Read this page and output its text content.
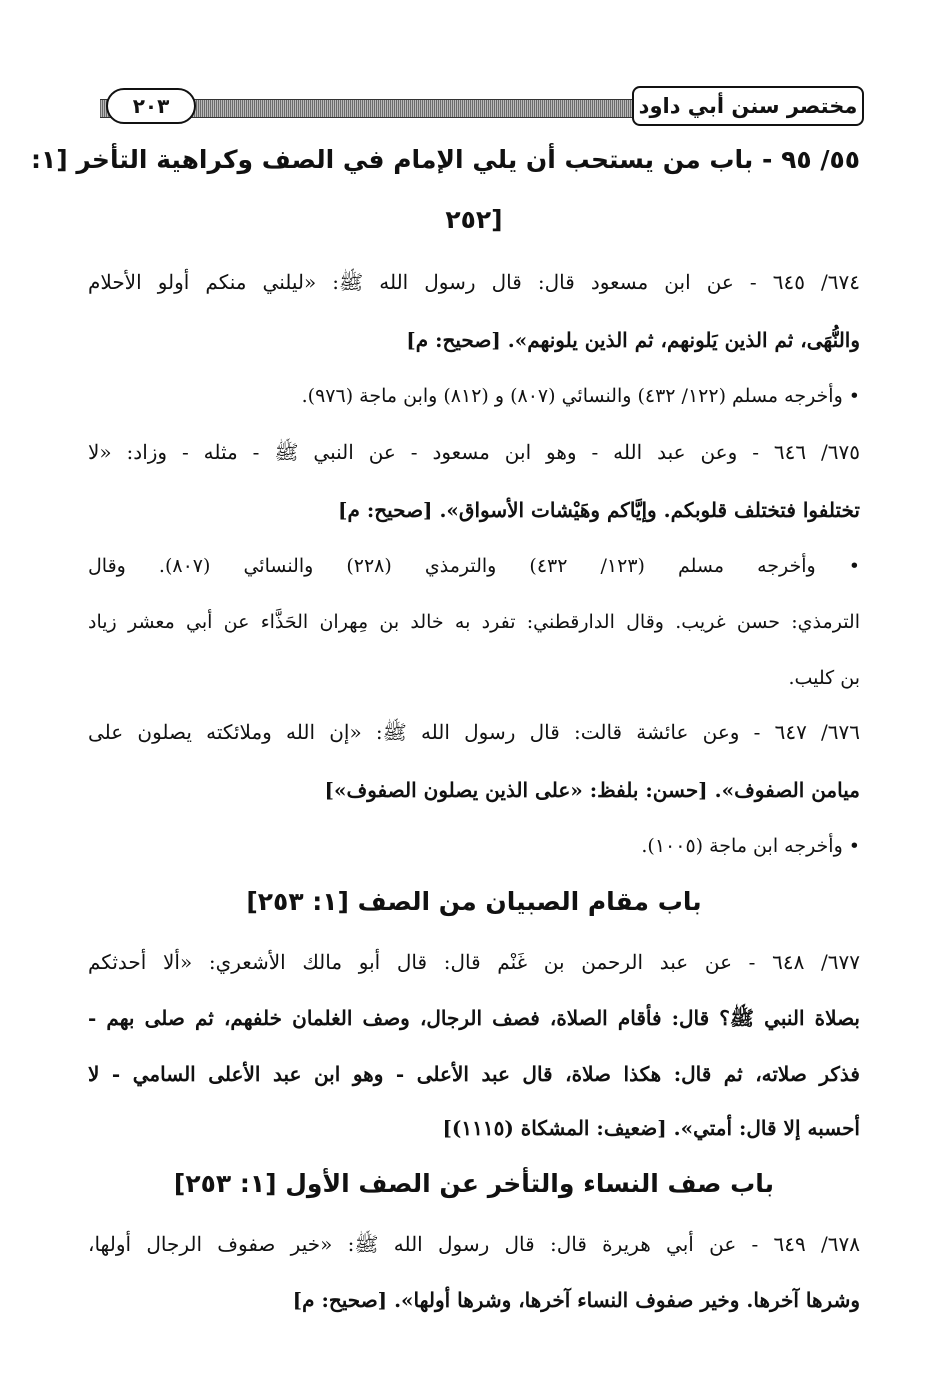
مختصر سنن أبي داود
٢٠٣
٥٥/ ٩٥ - باب من يستحب أن يلي الإمام في الصف وكراهية التأخر [١:
[٢٥٢
٦٧٤/ ٦٤٥ - عن ابن مسعود قال: قال رسول الله ﷺ: «ليلني منكم أولو الأحلام
والنُّهَى، ثم الذين يَلونهم، ثم الذين يلونهم». [صحيح: م]
• وأخرجه مسلم (١٢٢/ ٤٣٢) والنسائي (٨٠٧) و (٨١٢) وابن ماجة (٩٧٦).
٦٧٥/ ٦٤٦ - وعن عبد الله - وهو ابن مسعود - عن النبي ﷺ - مثله - وزاد: «لا
تختلفوا فتختلف قلوبكم. وإيَّاكم وهَيْشات الأسواق». [صحيح: م]
• وأخرجه مسلم (١٢٣/ ٤٣٢) والترمذي (٢٢٨) والنسائي (٨٠٧). وقال
الترمذي: حسن غريب. وقال الدارقطني: تفرد به خالد بن مِهران الحَذَّاء عن أبي معشر زياد
بن كليب.
٦٧٦/ ٦٤٧ - وعن عائشة قالت: قال رسول الله ﷺ: «إن الله وملائكته يصلون على
ميامن الصفوف». [حسن: بلفظ: «على الذين يصلون الصفوف»]
• وأخرجه ابن ماجة (١٠٠٥).
باب مقام الصبيان من الصف [١: ٢٥٣]
٦٧٧/ ٦٤٨ - عن عبد الرحمن بن غَنْم قال: قال أبو مالك الأشعري: «ألا أحدثكم
بصلاة النبي ﷺ؟ قال: فأقام الصلاة، فصف الرجال، وصف الغلمان خلفهم، ثم صلى بهم -
فذكر صلاته، ثم قال: هكذا صلاة، قال عبد الأعلى - وهو ابن عبد الأعلى السامي - لا
أحسبه إلا قال: أمتي». [ضعيف: المشكاة (١١١٥)]
باب صف النساء والتأخر عن الصف الأول [١: ٢٥٣]
٦٧٨/ ٦٤٩ - عن أبي هريرة قال: قال رسول الله ﷺ: «خير صفوف الرجال أولها،
وشرها آخرها. وخير صفوف النساء آخرها، وشرها أولها». [صحيح: م]
